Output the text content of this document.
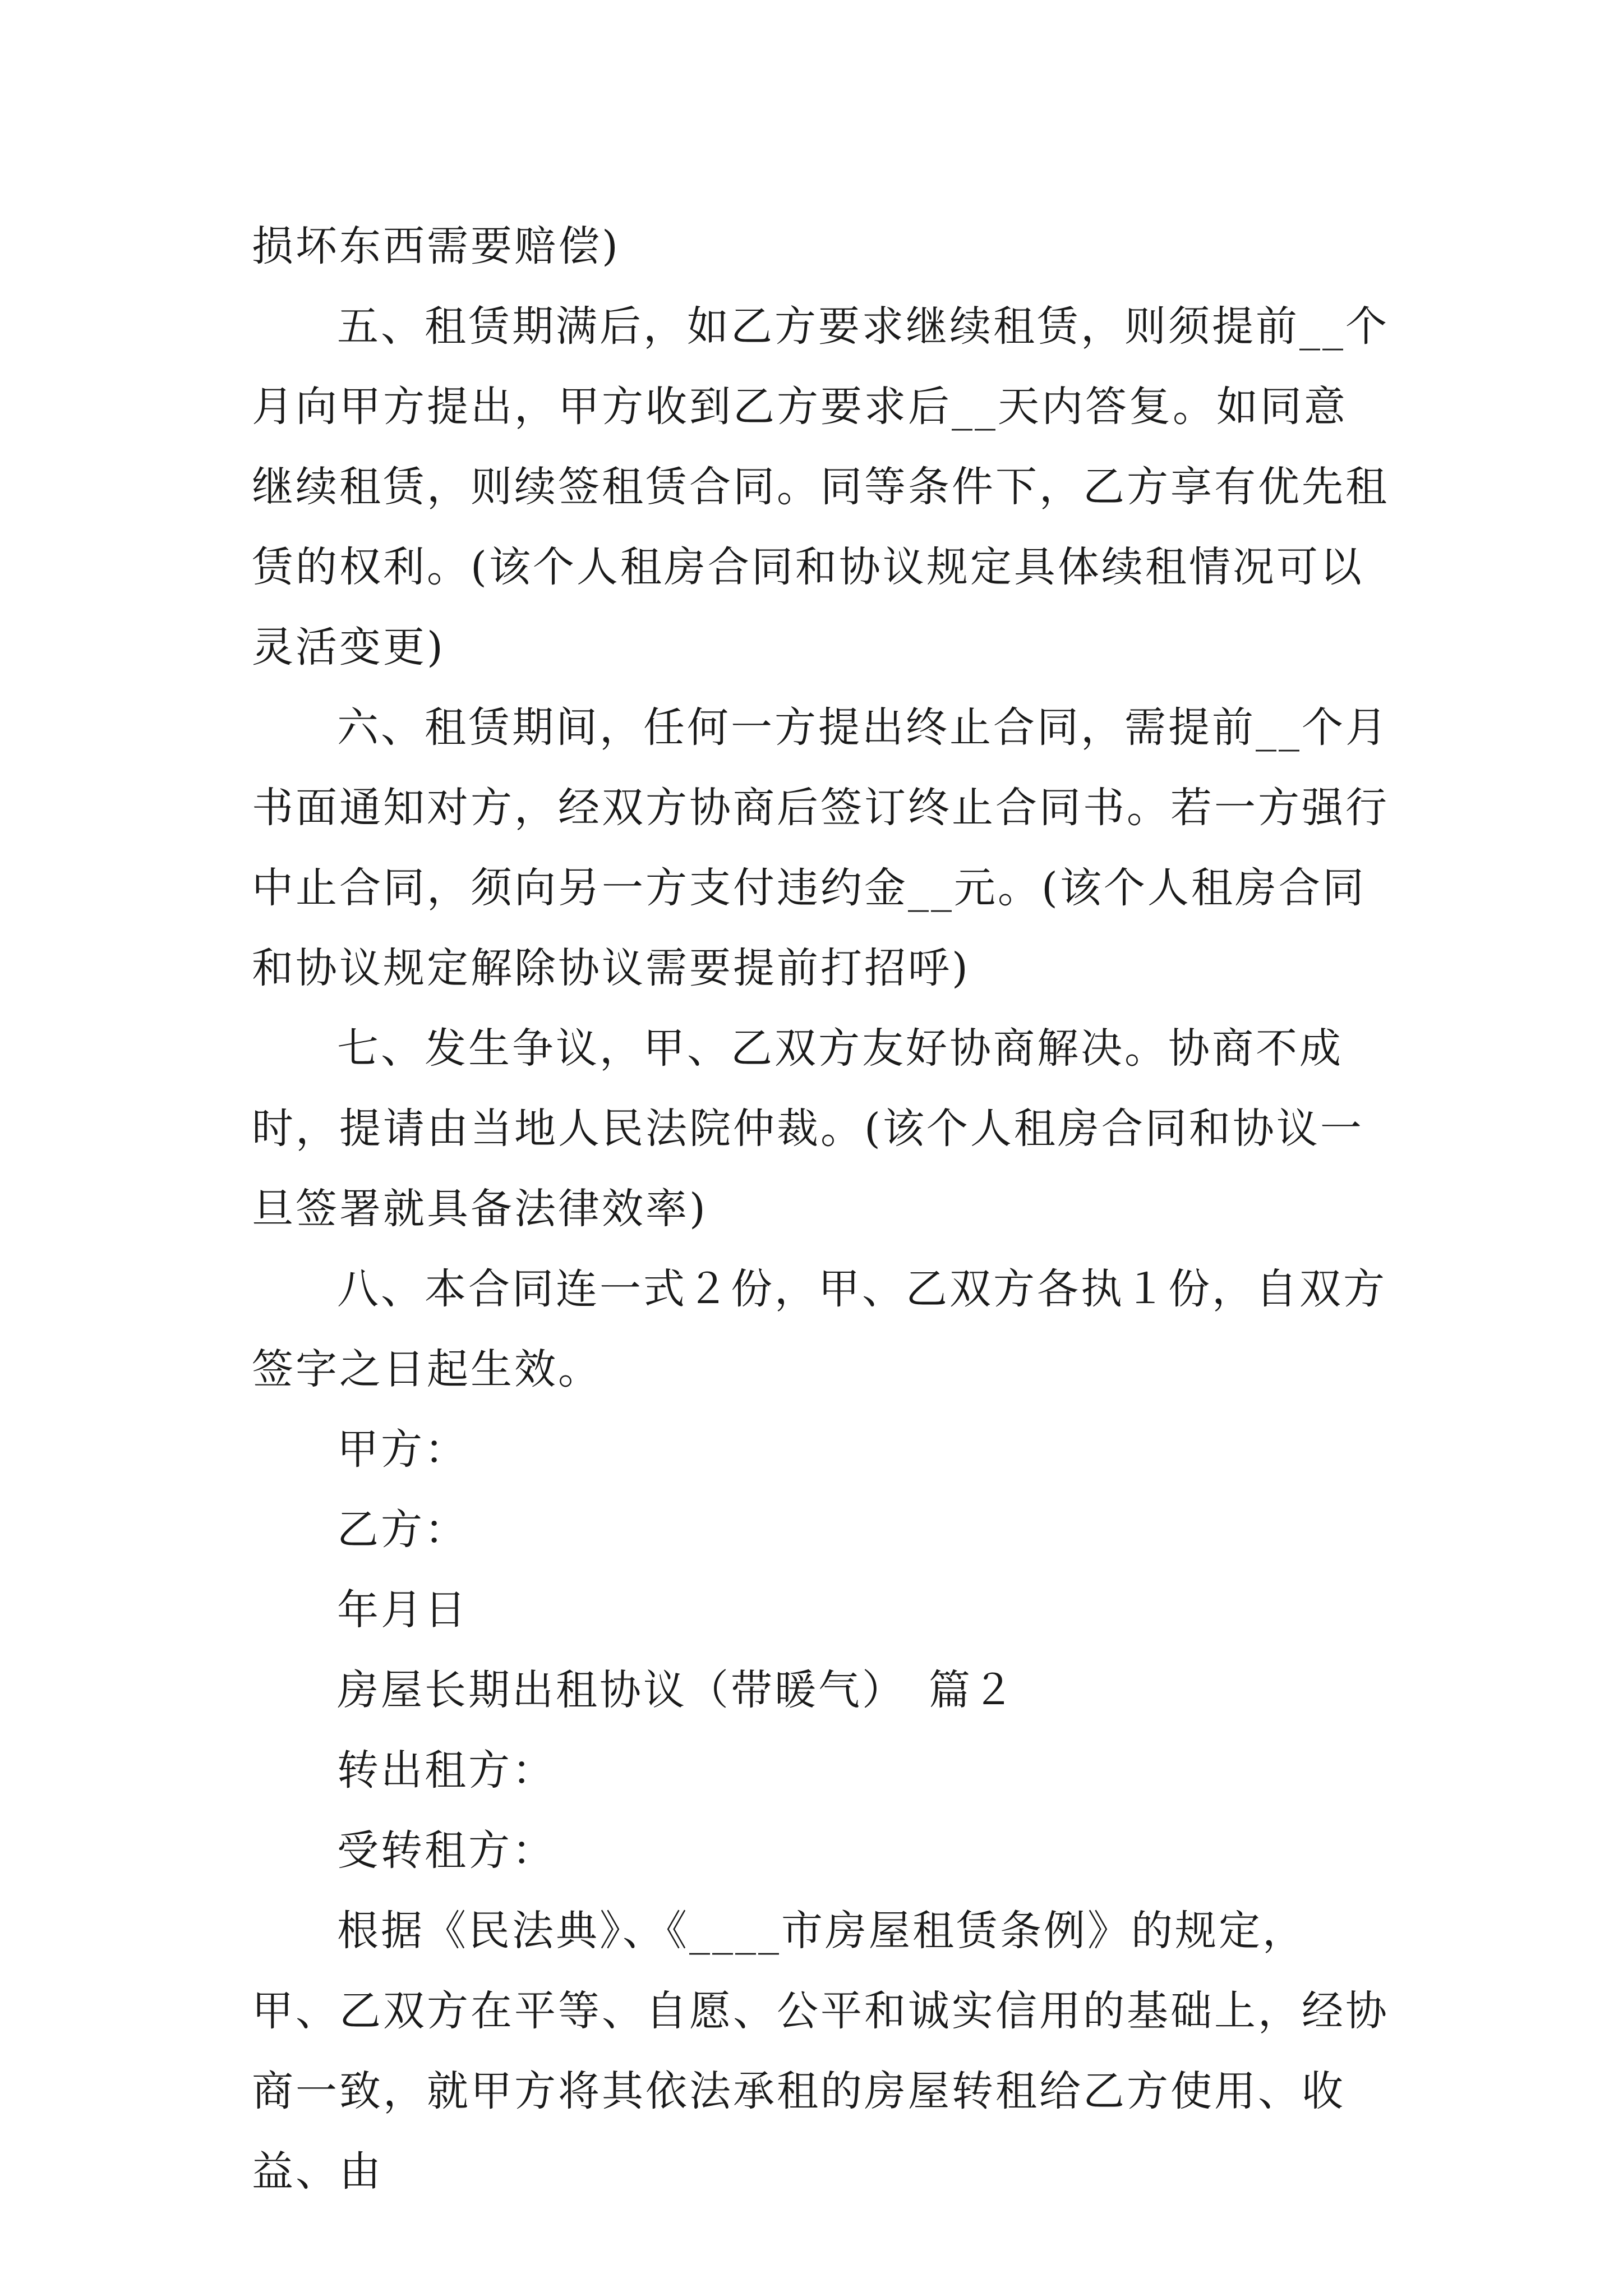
损坏东西需要赔偿)

五、租赁期满后，如乙方要求继续租赁，则须提前__个月向甲方提出，甲方收到乙方要求后__天内答复。如同意继续租赁，则续签租赁合同。同等条件下，乙方享有优先租赁的权利。(该个人租房合同和协议规定具体续租情况可以灵活变更)

六、租赁期间，任何一方提出终止合同，需提前__个月书面通知对方，经双方协商后签订终止合同书。若一方强行中止合同，须向另一方支付违约金__元。(该个人租房合同和协议规定解除协议需要提前打招呼)

七、发生争议，甲、乙双方友好协商解决。协商不成时，提请由当地人民法院仲裁。(该个人租房合同和协议一旦签署就具备法律效率)

八、本合同连一式２份，甲、乙双方各执１份，自双方签字之日起生效。

甲方：

乙方：

年月日

房屋长期出租协议（带暖气）　篇２

转出租方：

受转租方：

根据《民法典》、《____市房屋租赁条例》的规定，甲、乙双方在平等、自愿、公平和诚实信用的基础上，经协商一致，就甲方将其依法承租的房屋转租给乙方使用、收益、由
